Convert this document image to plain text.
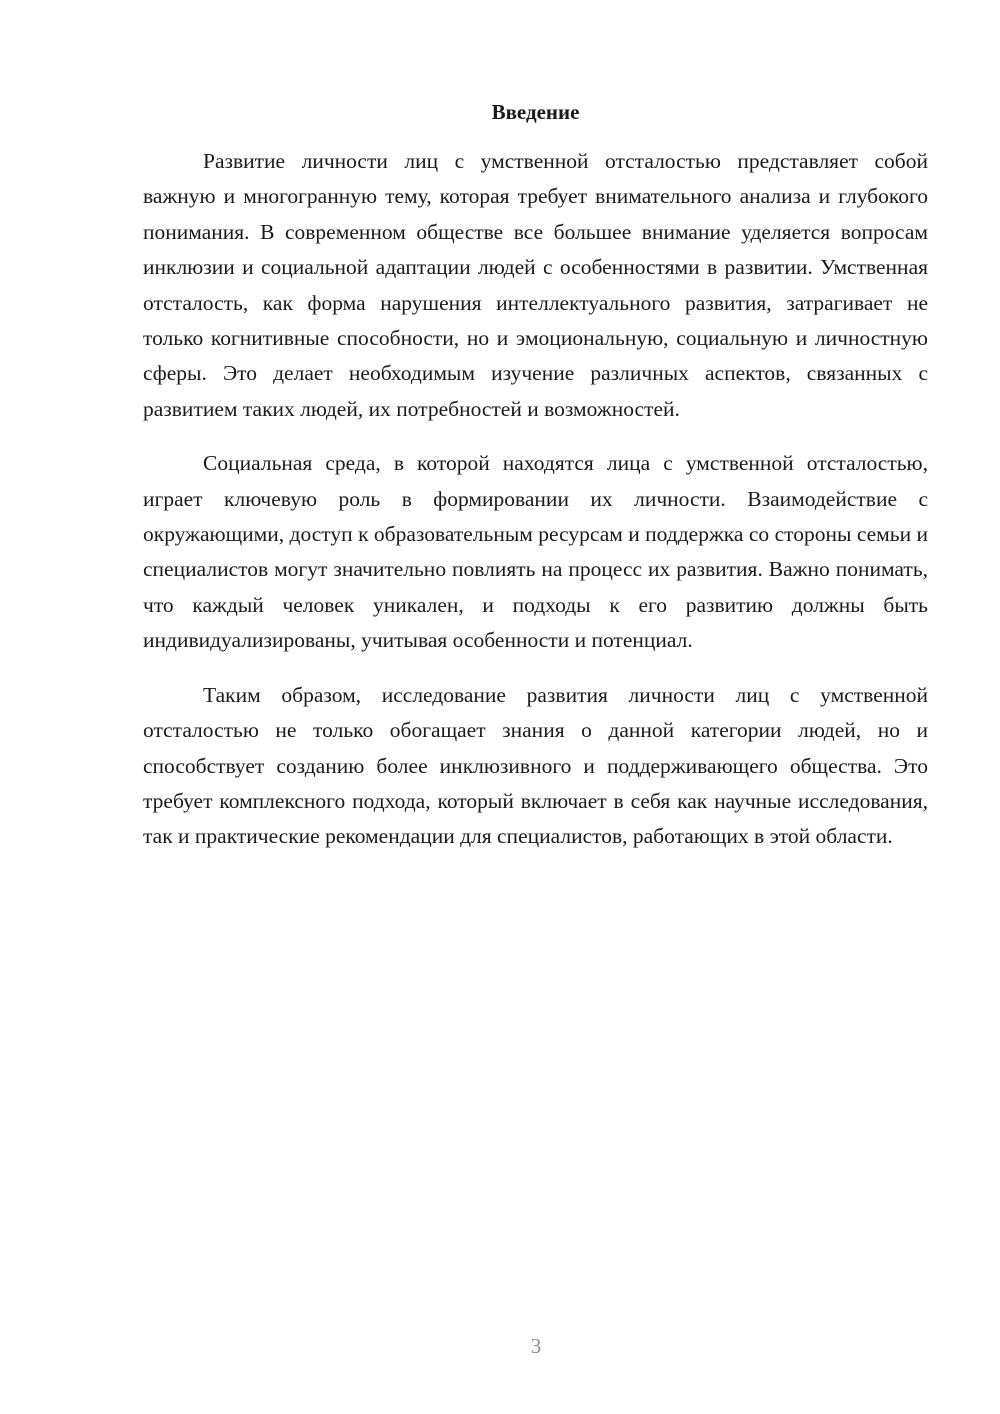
Введение

Развитие личности лиц с умственной отсталостью представляет собой важную и многогранную тему, которая требует внимательного анализа и глубокого понимания. В современном обществе все большее внимание уделяется вопросам инклюзии и социальной адаптации людей с особенностями в развитии. Умственная отсталость, как форма нарушения интеллектуального развития, затрагивает не только когнитивные способности, но и эмоциональную, социальную и личностную сферы. Это делает необходимым изучение различных аспектов, связанных с развитием таких людей, их потребностей и возможностей.

Социальная среда, в которой находятся лица с умственной отсталостью, играет ключевую роль в формировании их личности. Взаимодействие с окружающими, доступ к образовательным ресурсам и поддержка со стороны семьи и специалистов могут значительно повлиять на процесс их развития. Важно понимать, что каждый человек уникален, и подходы к его развитию должны быть индивидуализированы, учитывая особенности и потенциал.

Таким образом, исследование развития личности лиц с умственной отсталостью не только обогащает знания о данной категории людей, но и способствует созданию более инклюзивного и поддерживающего общества. Это требует комплексного подхода, который включает в себя как научные исследования, так и практические рекомендации для специалистов, работающих в этой области.

3
